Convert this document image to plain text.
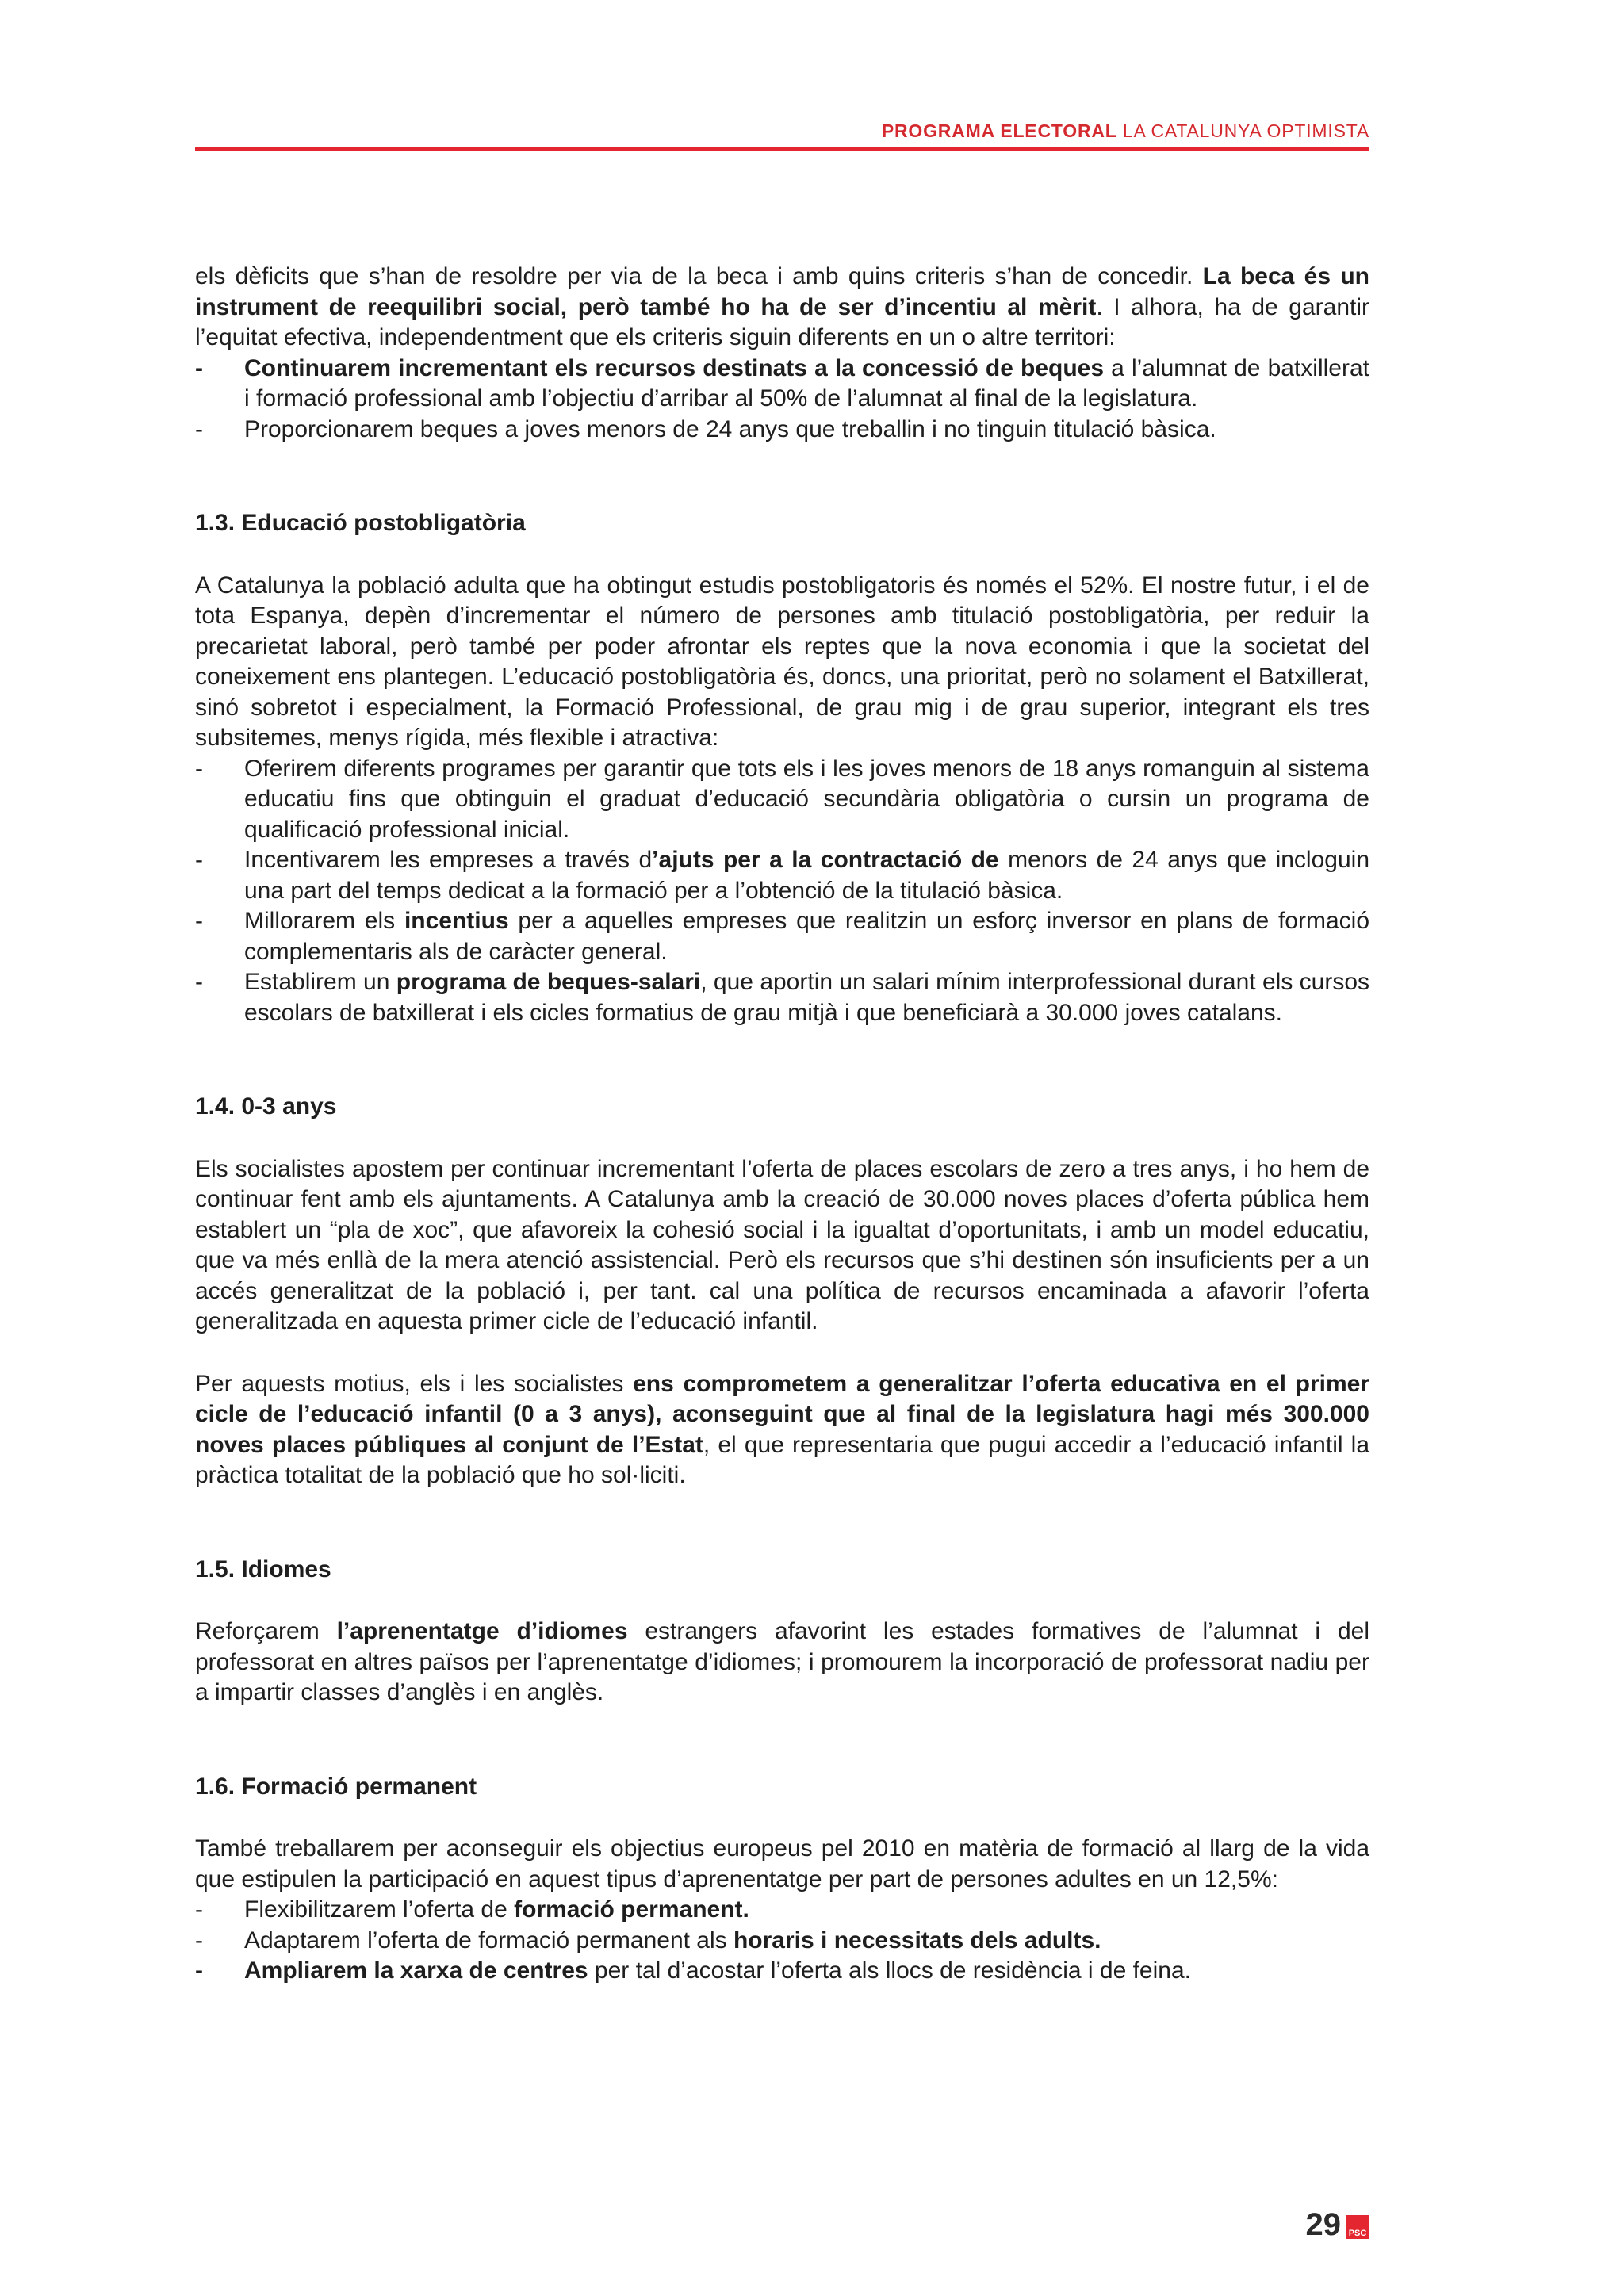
PROGRAMA ELECTORAL LA CATALUNYA OPTIMISTA

els dèficits que s’han de resoldre per via de la beca i amb quins criteris s’han de concedir. La beca és un instrument de reequilibri social, però també ho ha de ser d’incentiu al mèrit. I alhora, ha de garantir l’equitat efectiva, independentment que els criteris siguin diferents en un o altre territori:

- Continuarem incrementant els recursos destinats a la concessió de beques a l’alumnat de batxillerat i formació professional amb l’objectiu d’arribar al 50% de l’alumnat al final de la legislatura.
- Proporcionarem beques a joves menors de 24 anys que treballin i no tinguin titulació bàsica.
1.3. Educació postobligatòria

A Catalunya la població adulta que ha obtingut estudis postobligatoris és només el 52%. El nostre futur, i el de tota Espanya, depèn d’incrementar el número de persones amb titulació postobligatòria, per reduir la precarietat laboral, però també per poder afrontar els reptes que la nova economia i que la societat del coneixement ens plantegen. L’educació postobligatòria és, doncs, una prioritat, però no solament el Batxillerat, sinó sobretot i especialment, la Formació Professional, de grau mig i de grau superior, integrant els tres subsitemes, menys rígida, més flexible i atractiva:

- Oferirem diferents programes per garantir que tots els i les joves menors de 18 anys romanguin al sistema educatiu fins que obtinguin el graduat d’educació secundària obligatòria o cursin un programa de qualificació professional inicial.
- Incentivarem les empreses a través d’ajuts per a la contractació de menors de 24 anys que incloguin una part del temps dedicat a la formació per a l’obtenció de la titulació bàsica.
- Millorarem els incentius per a aquelles empreses que realitzin un esforç inversor en plans de formació complementaris als de caràcter general.
- Establirem un programa de beques-salari, que aportin un salari mínim interprofessional durant els cursos escolars de batxillerat i els cicles formatius de grau mitjà i que beneficiarà a 30.000 joves catalans.
1.4. 0-3 anys

Els socialistes apostem per continuar incrementant l’oferta de places escolars de zero a tres anys, i ho hem de continuar fent amb els ajuntaments. A Catalunya amb la creació de 30.000 noves places d’oferta pública hem establert un “pla de xoc”, que afavoreix la cohesió social i la igualtat d’oportunitats, i amb un model educatiu, que va més enllà de la mera atenció assistencial. Però els recursos que s’hi destinen són insuficients per a un accés generalitzat de la població i, per tant. cal una política de recursos encaminada a afavorir l’oferta generalitzada en aquesta primer cicle de l’educació infantil.

Per aquests motius, els i les socialistes ens comprometem a generalitzar l’oferta educativa en el primer cicle de l’educació infantil (0 a 3 anys), aconseguint que al final de la legislatura hagi més 300.000 noves places públiques al conjunt de l’Estat, el que representaria que pugui accedir a l’educació infantil la pràctica totalitat de la població que ho sol·liciti.

1.5. Idiomes

Reforçarem l’aprenentatge d’idiomes estrangers afavorint les estades formatives de l’alumnat i del professorat en altres països per l’aprenentatge d’idiomes; i promourem la incorporació de professorat nadiu per a impartir classes d’anglès i en anglès.

1.6. Formació permanent

També treballarem per aconseguir els objectius europeus pel 2010 en matèria de formació al llarg de la vida que estipulen la participació en aquest tipus d’aprenentatge per part de persones adultes en un 12,5%:

- Flexibilitzarem l’oferta de formació permanent.
- Adaptarem l’oferta de formació permanent als horaris i necessitats dels adults.
- Ampliarem la xarxa de centres per tal d’acostar l’oferta als llocs de residència i de feina.
29 PSC
